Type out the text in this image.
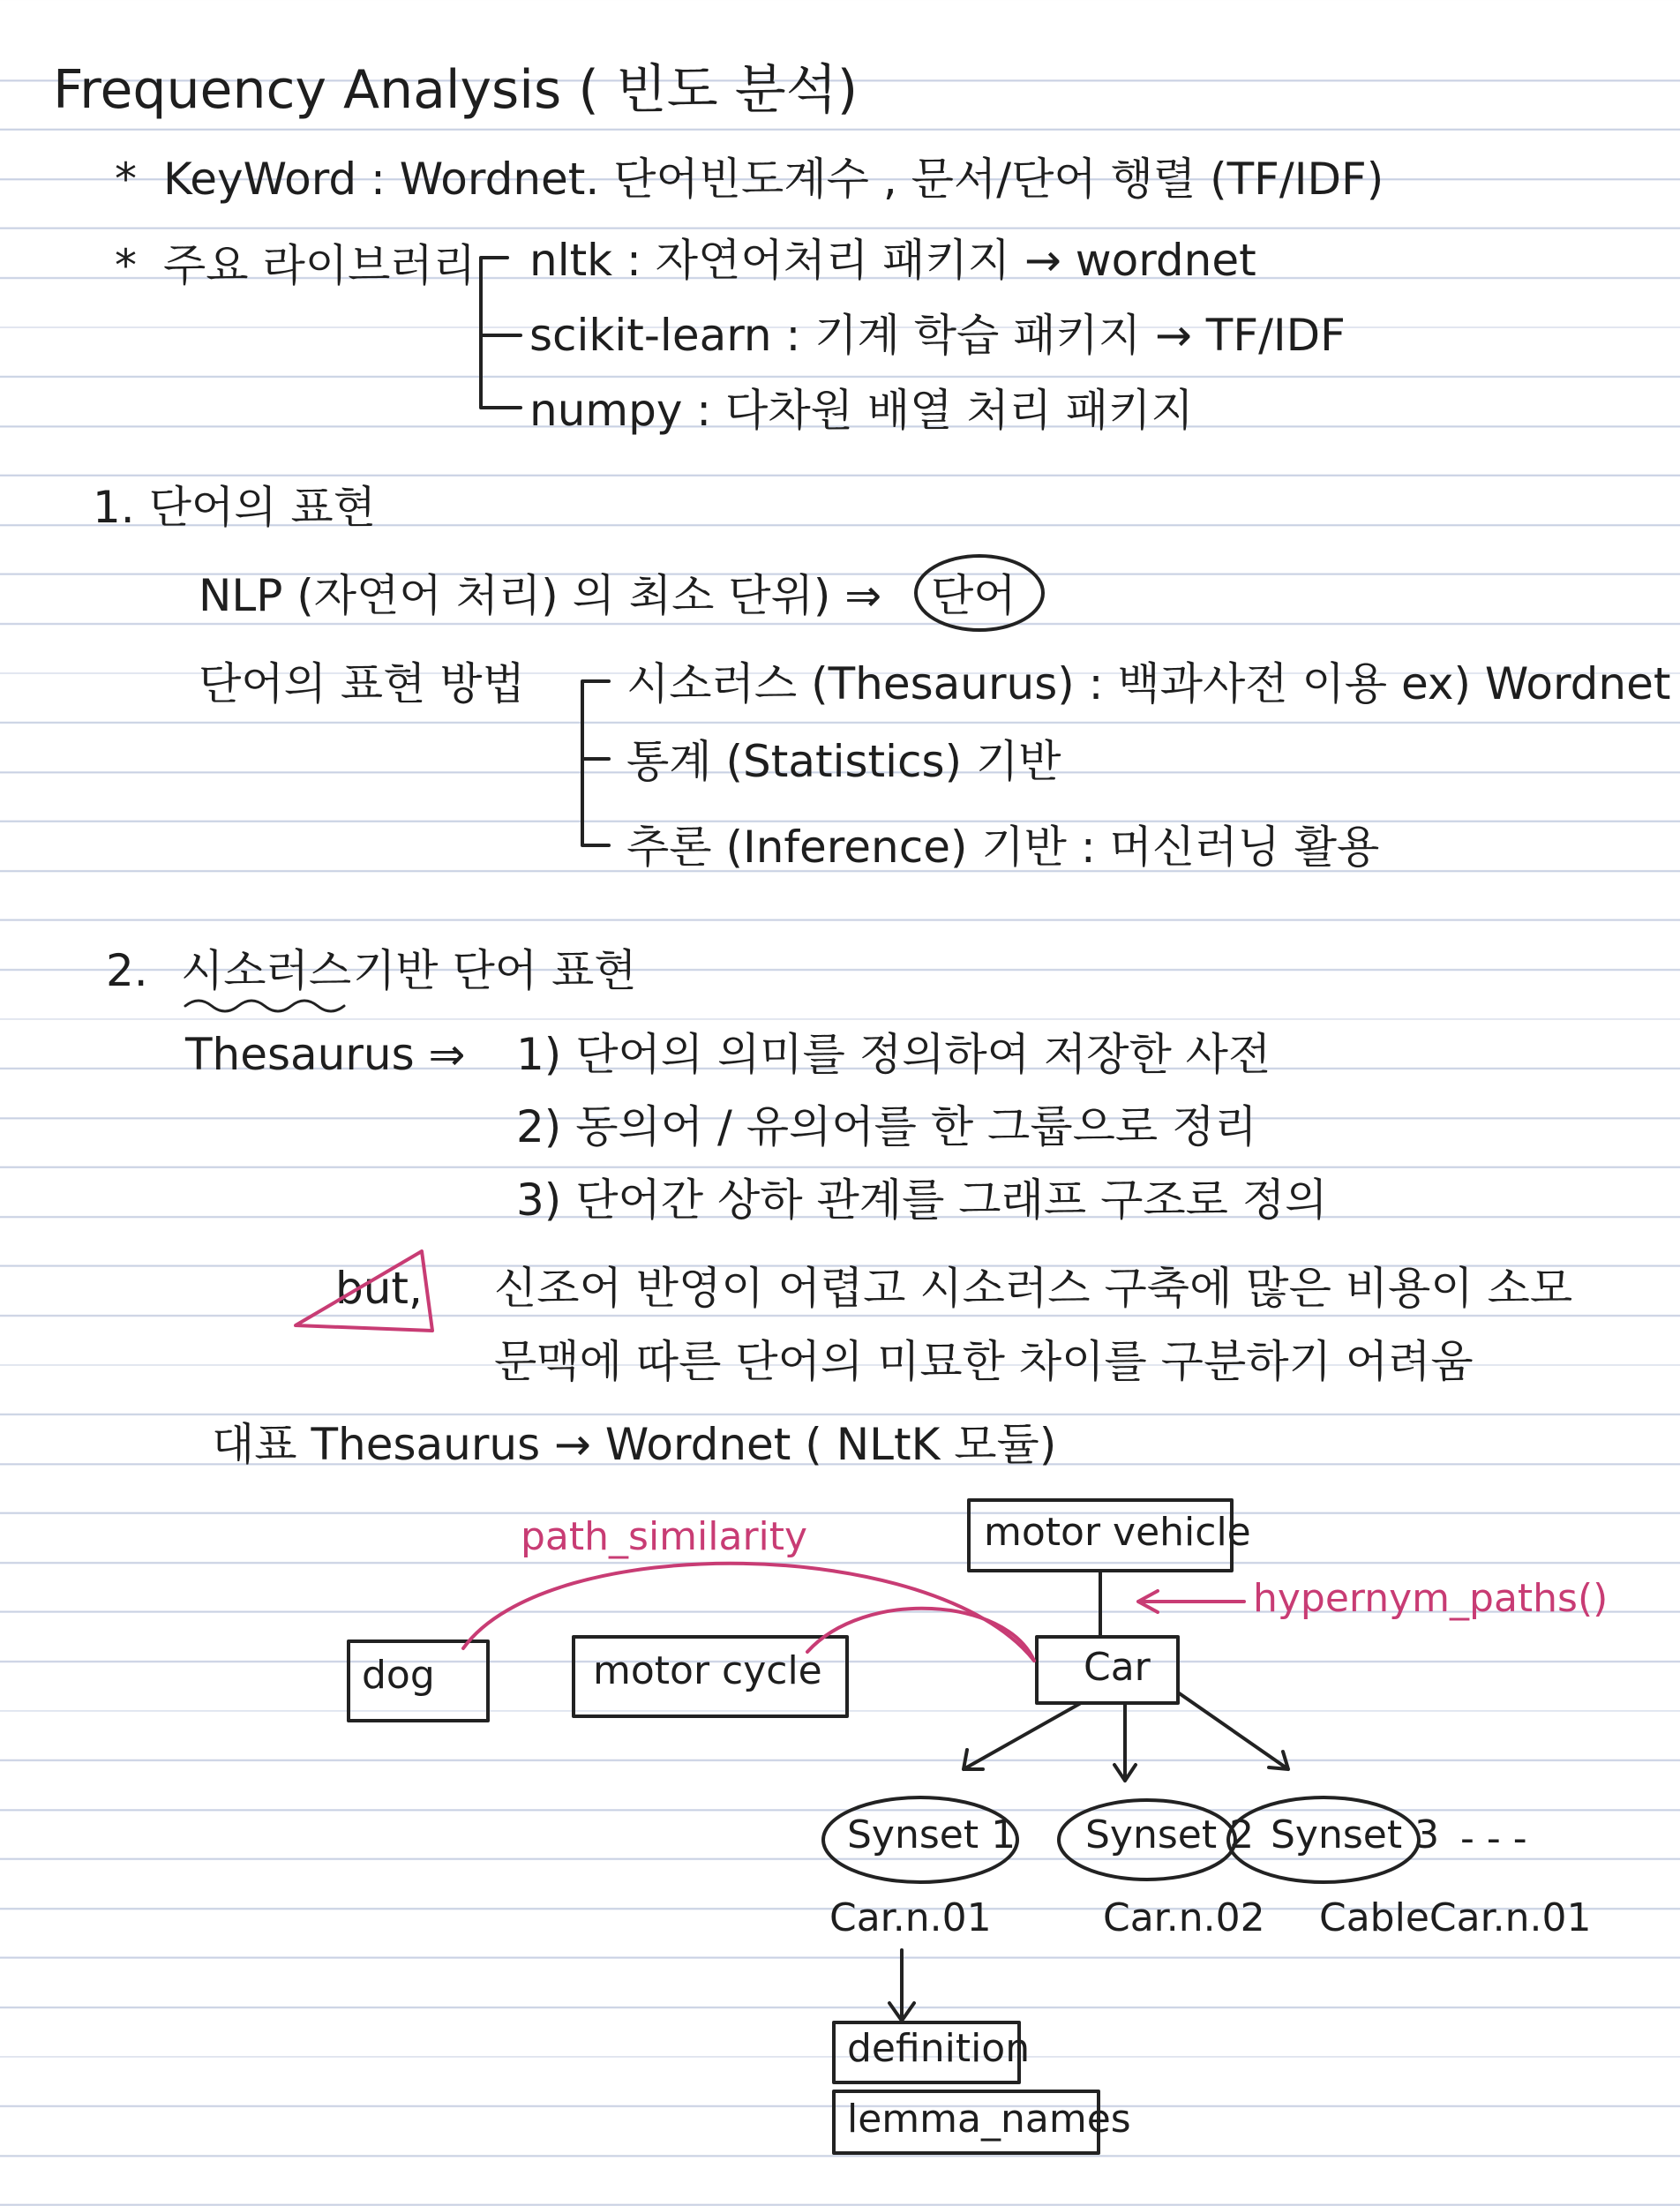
Frequency Analysis ( 빈도 분석)
* KeyWord : Wordnet. 단어빈도계수 , 문서/단어 행렬 (TF/IDF)
* 주요 라이브러리 nltk : 자연어처리 패키지 → wordnet
scikit-learn : 기계 학습 패키지 → TF/IDF
numpy : 다차원 배열 처리 패키지
1. 단어의 표현
NLP (자연어 처리) 의 최소 단위) ⇒ 단어
단어의 표현 방법 시소러스 (Thesaurus) : 백과사전 이용 ex) Wordnet
통계 (Statistics) 기반
추론 (Inference) 기반 : 머신러닝 활용
2. 시소러스 기반 단어 표현
Thesaurus ⇒ 1) 단어의 의미를 정의하여 저장한 사전
2) 동의어 / 유의어를 한 그룹으로 정리
3) 단어간 상하 관계를 그래프 구조로 정의
but, 신조어 반영이 어렵고 시소러스 구축에 많은 비용이 소모
문맥에 따른 단어의 미묘한 차이를 구분하기 어려움
대표 Thesaurus → Wordnet ( NLtK 모듈)
path_similarity
hypernym_paths()
motor vehicle
dog	motor cycle	Car
Synset 1 Synset 2 Synset 3 - - -
Car.n.01	Car.n.02 CableCar.n.01
definition
lemma_names
